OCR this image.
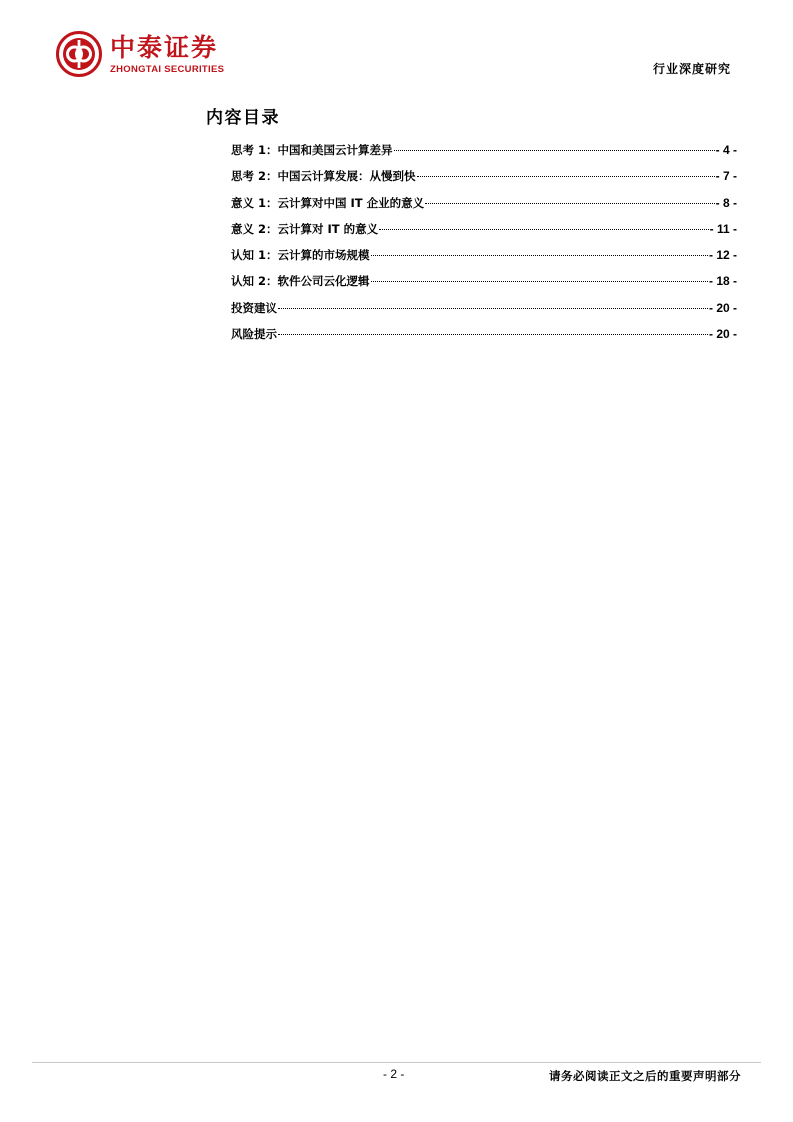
中泰证券
ZHONGTAI SECURITIES	行业深度研究
内容目录
思考 1：中国和美国云计算差异	- 4 -
思考 2：中国云计算发展：从慢到快	- 7 -
意义 1：云计算对中国 IT 企业的意义	- 8 -
意义 2：云计算对 IT 的意义	- 11 -
认知 1：云计算的市场规模	- 12 -
认知 2：软件公司云化逻辑	- 18 -
投资建议	- 20 -
风险提示	- 20 -
- 2 -	请务必阅读正文之后的重要声明部分
